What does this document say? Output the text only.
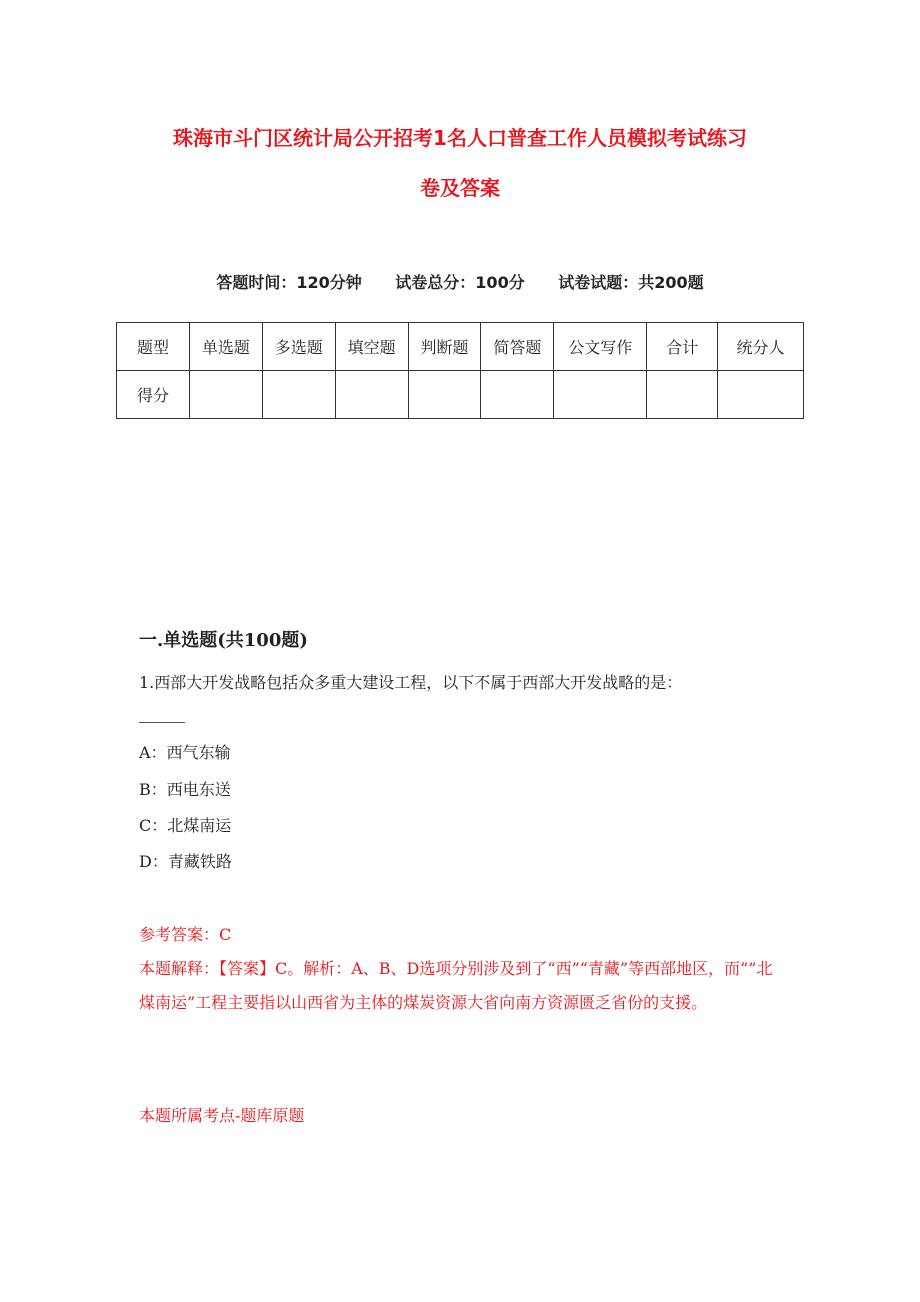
珠海市斗门区统计局公开招考1名人口普查工作人员模拟考试练习
卷及答案
答题时间：120分钟 试卷总分：100分 试卷试题：共200题
题型	单选题	多选题	填空题	判断题	简答题	公文写作	合计	统分人
得分								
一.单选题(共100题)
1.西部大开发战略包括众多重大建设工程，以下不属于西部大开发战略的是：
A：西气东输
B：西电东送
C：北煤南运
D：青藏铁路
参考答案：C
本题解释：【答案】C。解析：A、B、D选项分别涉及到了“西”“青藏”等西部地区，而“”北煤南运”工程主要指以山西省为主体的煤炭资源大省向南方资源匮乏省份的支援。
本题所属考点-题库原题
